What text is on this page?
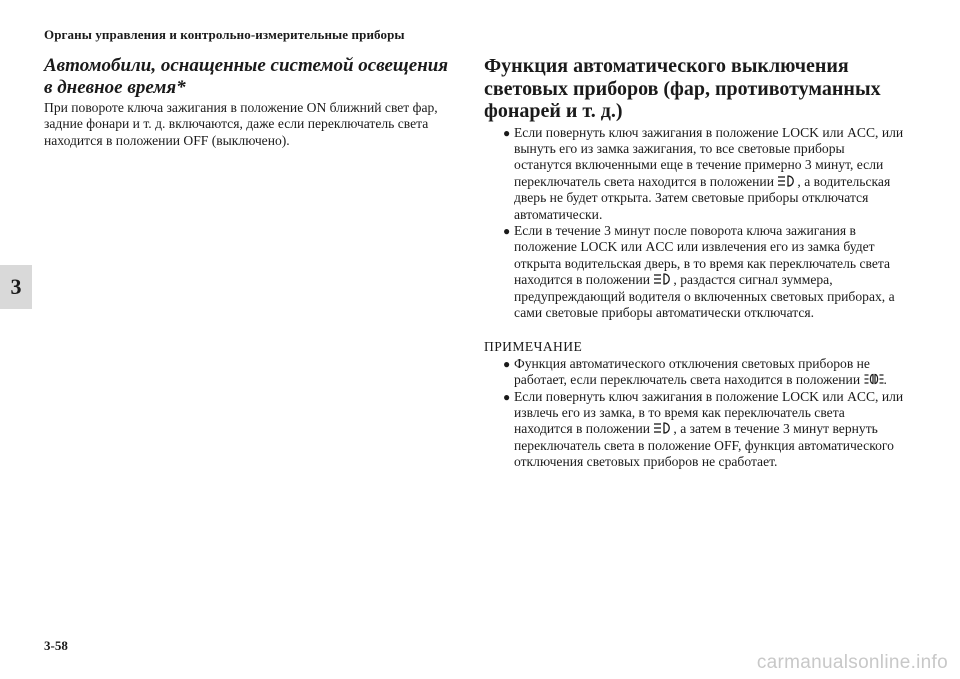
Органы управления и контрольно-измерительные приборы
3
Автомобили, оснащенные системой освещения в дневное время*

При повороте ключа зажигания в положение ON ближний свет фар, задние фонари и т. д. включаются, даже если переключатель света находится в положении OFF (выключено).

Функция автоматического выключения световых приборов (фар, противотуманных фонарей и т. д.)
● Если повернуть ключ зажигания в положение LOCK или ACC, или вынуть его из замка зажигания, то все световые приборы останутся включенными еще в течение примерно 3 минут, если переключатель света находится в положении , а водительская дверь не будет открыта. Затем световые приборы отключатся автоматически.
● Если в течение 3 минут после поворота ключа зажигания в положение LOCK или ACC или извлечения его из замка будет открыта водительская дверь, в то время как переключатель света находится в положении , раздастся сигнал зуммера, предупреждающий водителя о включенных световых приборах, а сами световые приборы автоматически отключатся.

ПРИМЕЧАНИЕ

● Функция автоматического отключения световых приборов не работает, если переключатель света находится в положении .
● Если повернуть ключ зажигания в положение LOCK или ACC, или извлечь его из замка, в то время как переключатель света находится в положении , а затем в течение 3 минут вернуть переключатель света в положение OFF, функция автоматического отключения световых приборов не сработает.
3-58
carmanualsonline.info
